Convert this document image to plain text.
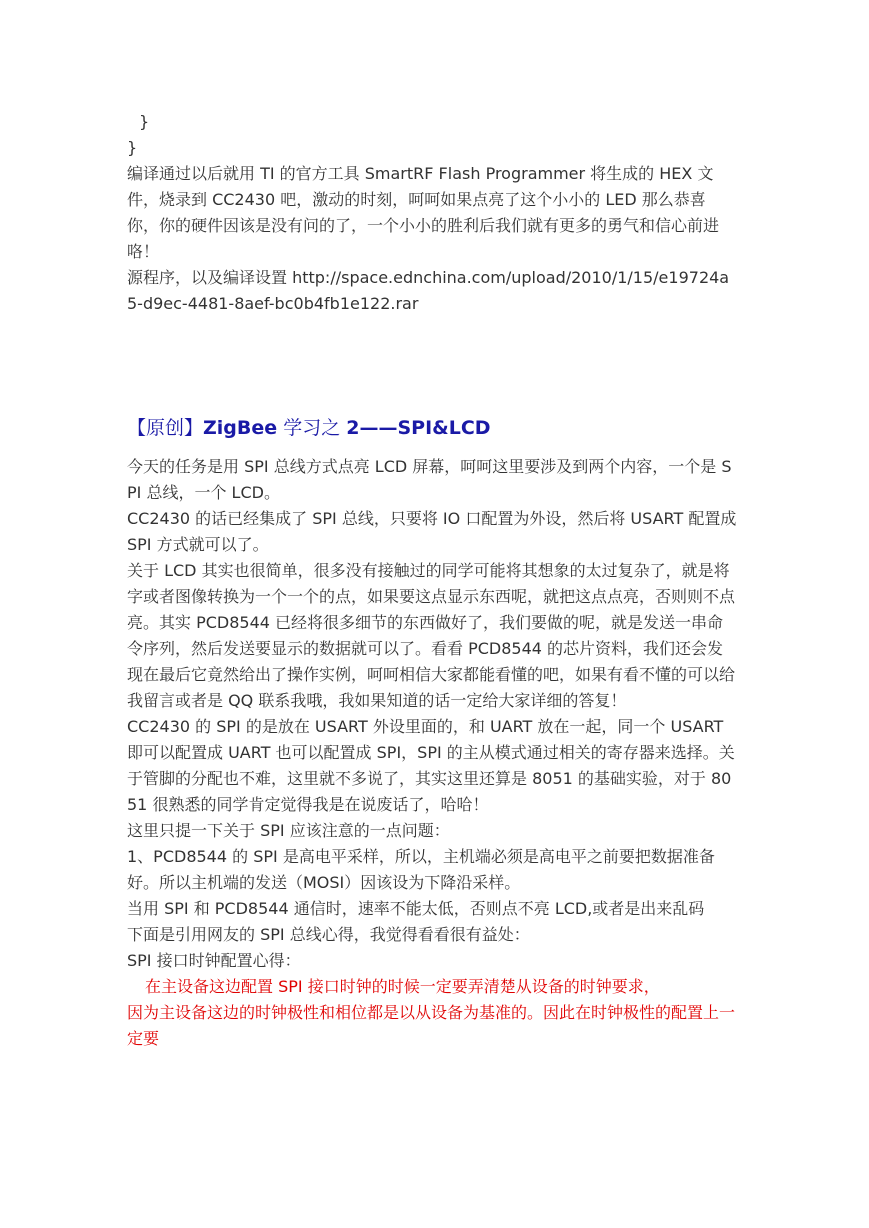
}
}

编译通过以后就用 TI 的官方工具 SmartRF Flash Programmer 将生成的 HEX 文件，烧录到 CC2430 吧，激动的时刻，呵呵如果点亮了这个小小的 LED 那么恭喜你，你的硬件因该是没有问的了，一个小小的胜利后我们就有更多的勇气和信心前进咯！

源程序，以及编译设置 http://space.ednchina.com/upload/2010/1/15/e19724a5-d9ec-4481-8aef-bc0b4fb1e122.rar

【原创】ZigBee 学习之 2——SPI&LCD

今天的任务是用 SPI 总线方式点亮 LCD 屏幕，呵呵这里要涉及到两个内容，一个是 SPI 总线，一个 LCD。

CC2430 的话已经集成了 SPI 总线，只要将 IO 口配置为外设，然后将 USART 配置成 SPI 方式就可以了。

关于 LCD 其实也很简单，很多没有接触过的同学可能将其想象的太过复杂了，就是将字或者图像转换为一个一个的点，如果要这点显示东西呢，就把这点点亮，否则则不点亮。其实 PCD8544 已经将很多细节的东西做好了，我们要做的呢，就是发送一串命令序列，然后发送要显示的数据就可以了。看看 PCD8544 的芯片资料，我们还会发现在最后它竟然给出了操作实例，呵呵相信大家都能看懂的吧，如果有看不懂的可以给我留言或者是 QQ 联系我哦，我如果知道的话一定给大家详细的答复！

CC2430 的 SPI 的是放在 USART 外设里面的，和 UART 放在一起，同一个 USART 即可以配置成 UART 也可以配置成 SPI，SPI 的主从模式通过相关的寄存器来选择。关于管脚的分配也不难，这里就不多说了，其实这里还算是 8051 的基础实验，对于 8051 很熟悉的同学肯定觉得我是在说废话了，哈哈！

这里只提一下关于 SPI 应该注意的一点问题：

1、PCD8544 的 SPI 是高电平采样，所以，主机端必须是高电平之前要把数据准备好。所以主机端的发送（MOSI）因该设为下降沿采样。

当用 SPI 和 PCD8544 通信时，速率不能太低，否则点不亮 LCD,或者是出来乱码

下面是引用网友的 SPI 总线心得，我觉得看看很有益处：

SPI 接口时钟配置心得：

在主设备这边配置 SPI 接口时钟的时候一定要弄清楚从设备的时钟要求，

因为主设备这边的时钟极性和相位都是以从设备为基准的。因此在时钟极性的配置上一定要
